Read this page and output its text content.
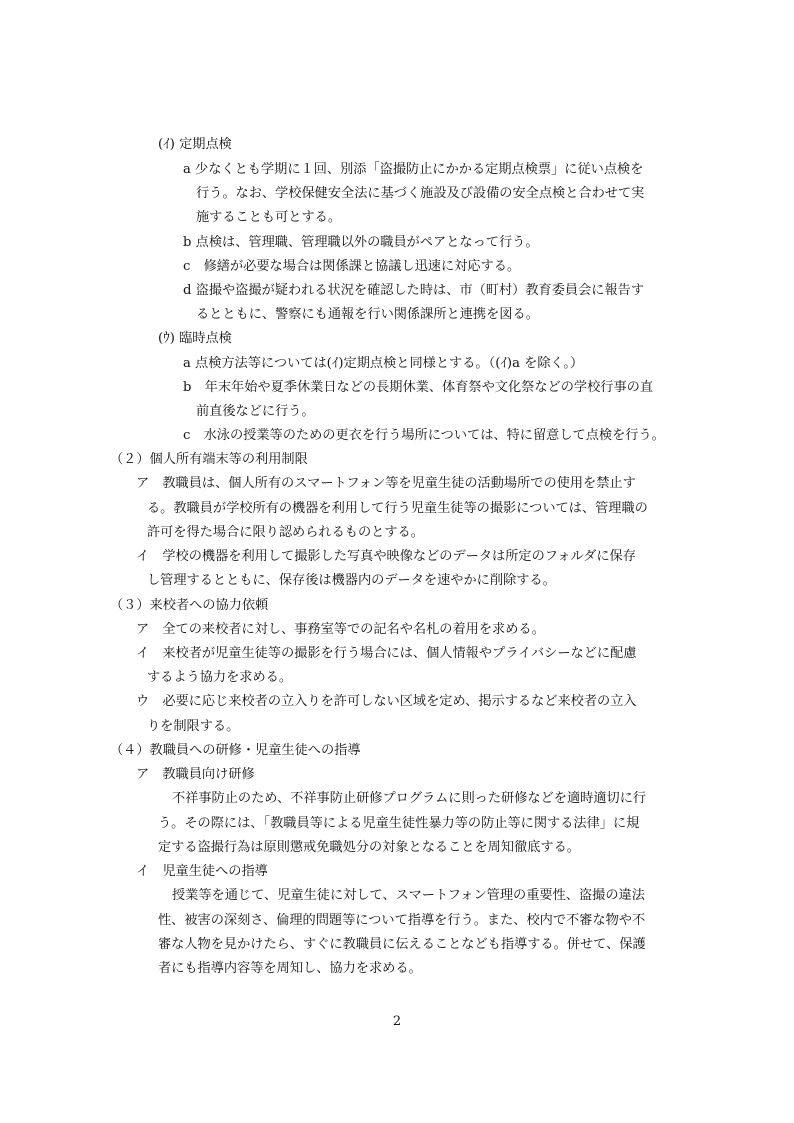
(ｲ) 定期点検

a 少なくとも学期に１回、別添「盗撮防止にかかる定期点検票」に従い点検を

行う。なお、学校保健安全法に基づく施設及び設備の安全点検と合わせて実

施することも可とする。

b 点検は、管理職、管理職以外の職員がペアとなって行う。

c　修繕が必要な場合は関係課と協議し迅速に対応する。

d 盗撮や盗撮が疑われる状況を確認した時は、市（町村）教育委員会に報告す

るとともに、警察にも通報を行い関係課所と連携を図る。

(ｳ) 臨時点検

a 点検方法等については(ｲ)定期点検と同様とする。（(ｲ)a を除く。）

b　年末年始や夏季休業日などの長期休業、体育祭や文化祭などの学校行事の直

前直後などに行う。

c　水泳の授業等のための更衣を行う場所については、特に留意して点検を行う。

（２）個人所有端末等の利用制限

ア　教職員は、個人所有のスマートフォン等を児童生徒の活動場所での使用を禁止す

る。教職員が学校所有の機器を利用して行う児童生徒等の撮影については、管理職の

許可を得た場合に限り認められるものとする。

イ　学校の機器を利用して撮影した写真や映像などのデータは所定のフォルダに保存

し管理するとともに、保存後は機器内のデータを速やかに削除する。

（３）来校者への協力依頼

ア　全ての来校者に対し、事務室等での記名や名札の着用を求める。

イ　来校者が児童生徒等の撮影を行う場合には、個人情報やプライバシーなどに配慮

するよう協力を求める。

ウ　必要に応じ来校者の立入りを許可しない区域を定め、掲示するなど来校者の立入

りを制限する。

（４）教職員への研修・児童生徒への指導

ア　教職員向け研修

不祥事防止のため、不祥事防止研修プログラムに則った研修などを適時適切に行

う。その際には、「教職員等による児童生徒性暴力等の防止等に関する法律」に規

定する盗撮行為は原則懲戒免職処分の対象となることを周知徹底する。

イ　児童生徒への指導

授業等を通じて、児童生徒に対して、スマートフォン管理の重要性、盗撮の違法

性、被害の深刻さ、倫理的問題等について指導を行う。また、校内で不審な物や不

審な人物を見かけたら、すぐに教職員に伝えることなども指導する。併せて、保護

者にも指導内容等を周知し、協力を求める。

2
